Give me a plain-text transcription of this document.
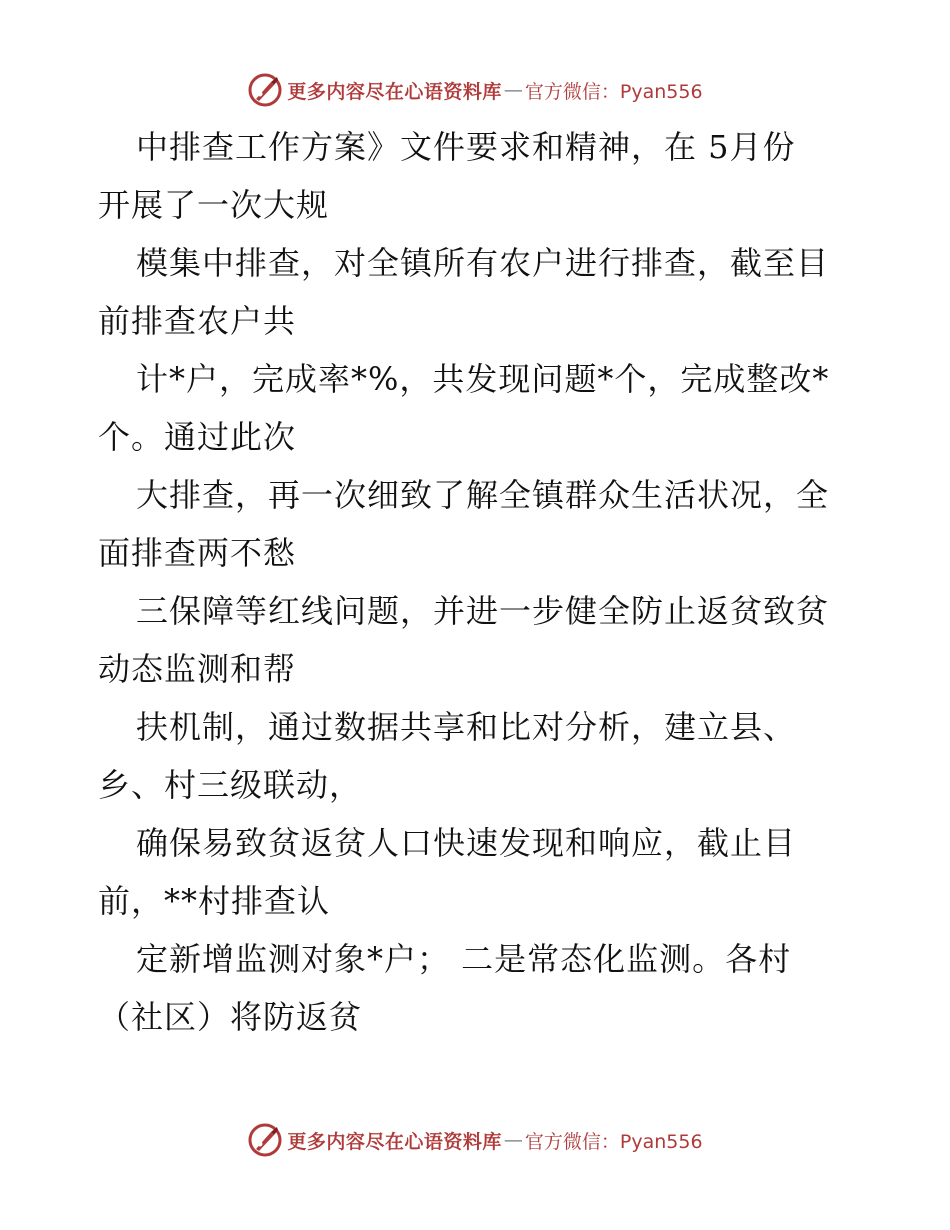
更多内容尽在心语资料库 — 官方微信：Pyan556

中排查工作方案》文件要求和精神，在 5月份
开展了一次大规
模集中排查，对全镇所有农户进行排查，截至目
前排查农户共
计*户，完成率*%，共发现问题*个，完成整改*
个。通过此次
大排查，再一次细致了解全镇群众生活状况，全
面排查两不愁
三保障等红线问题，并进一步健全防止返贫致贫
动态监测和帮
扶机制，通过数据共享和比对分析，建立县、
乡、村三级联动，
确保易致贫返贫人口快速发现和响应，截止目
前，**村排查认
定新增监测对象*户； 二是常态化监测。各村
（社区）将防返贫

更多内容尽在心语资料库 — 官方微信：Pyan556
